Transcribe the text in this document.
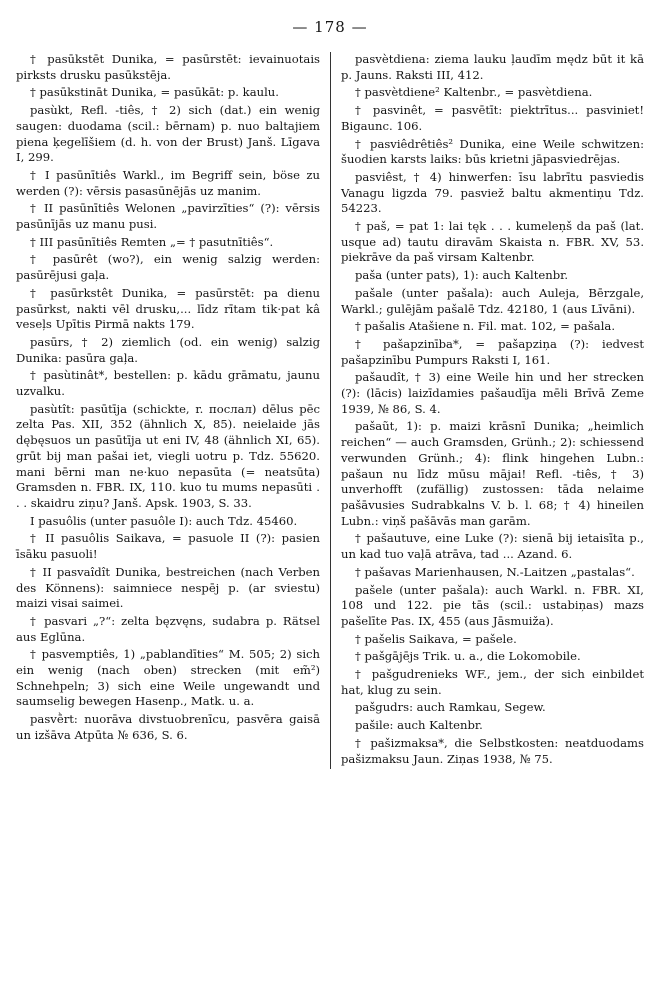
— 178 —

† pasūkstēt Dunika, = pasūrstēt: ievainuotais pirksts drusku pasūkstēja.

† pasūkstināt Dunika, = pasūkāt: p. kaulu.

pasùkt, Refl. -tiês, † 2) sich (dat.) ein wenig saugen: duodama (scil.: bērnam) p. nuo baltajiem piena ķegelīšiem (d. h. von der Brust) Janš. Līgava I, 299.

† I pasūnītiês Warkl., im Begriff sein, böse zu werden (?): vērsis pasasūnējās uz manim.

† II pasūnītiês Welonen „pavirzīties“ (?): vērsis pasūnījās uz manu pusi.

† III pasūnītiês Remten „= † pasutnītiês“.

† pasūrêt (wo?), ein wenig salzig werden: pasūrējusi gaļa.

† pasūrkstêt Dunika, = pasūrstēt: pa dienu pasūrkst, nakti vēl drusku,... līdz rītam tik·pat kâ veseļs Upītis Pirmā nakts 179.

pasūrs, † 2) ziemlich (od. ein wenig) salzig Dunika: pasūra gaļa.

† pasùtinât*, bestellen: p. kādu grāmatu, jaunu uzvalku.

pasùtît: pasūtīja (schickte, r. послал) dēlus pēc zelta Pas. XII, 352 (ähnlich X, 85). neielaide jās dębęsuos un pasūtīja ut eni IV, 48 (ähnlich XI, 65). grūt bij man pašai iet, viegli uotru p. Tdz. 55620. mani bērni man ne·kuo nepasūta (= neatsūta) Gramsden n. FBR. IX, 110. kuo tu mums nepasūti . . . skaidru ziņu? Janš. Apsk. 1903, S. 33.

I pasuôlis (unter pasuôle I): auch Tdz. 45460.

† II pasuôlis Saikava, = pasuole II (?): pasien īsāku pasuoli!

† II pasvaîdît Dunika, bestreichen (nach Verben des Könnens): saimniece nespēj p. (ar sviestu) maizi visai saimei.

† pasvari „?“: zelta bęzvęns, sudabra p. Rätsel aus Eglūna.

† pasvemptiês, 1) „pablandīties“ M. 505; 2) sich ein wenig (nach oben) strecken (mit em̃²) Schnehpeln; 3) sich eine Weile ungewandt und saumselig bewegen Hasenp., Matk. u. a.

pasvḕrt: nuorāva divstuobrenīcu, pasvēra gaisā un izšāva Atpūta № 636, S. 6.

pasvètdiena: ziema lauku ļaudīm mędz būt it kā p. Jauns. Raksti III, 412.

† pasvètdiene² Kaltenbr., = pasvètdiena.

† pasvinêt, = pasvētīt: piektrītus... pasviniet! Bigaunc. 106.

† pasviêdrêtiês² Dunika, eine Weile schwitzen: šuodien karsts laiks: būs krietni jāpasviedrējas.

pasviêst, † 4) hinwerfen: īsu labrītu pasviedis Vanagu ligzda 79. pasviež baltu akmentiņu Tdz. 54223.

† paš, = pat 1: lai tęk . . . kumeleņš da paš (lat. usque ad) tautu diravām Skaista n. FBR. XV, 53. piekrāve da paš virsam Kaltenbr.

paša (unter pats), 1): auch Kaltenbr.

pašale (unter pašala): auch Auleja, Bērzgale, Warkl.; gulējām pašalē Tdz. 42180, 1 (aus Līvāni).

† pašalis Atašiene n. Fil. mat. 102, = pašala.

† pašapzinība*, = pašapziņa (?): iedvest pašapzinību Pumpurs Raksti I, 161.

pašaudît, † 3) eine Weile hin und her strecken (?): (lācis) laizīdamies pašaudīja mēli Brīvā Zeme 1939, № 86, S. 4.

pašaũt, 1): p. maizi krāsnī Dunika; „heimlich reichen“ — auch Gramsden, Grünh.; 2): schiessend verwunden Grünh.; 4): flink hingehen Lubn.: pašaun nu līdz mūsu mājai! Refl. -tiês, † 3) unverhofft (zufällig) zustossen: tāda nelaime pašāvusies Sudrabkalns V. b. l. 68; † 4) hineilen Lubn.: viņš pašāvās man garām.

† pašautuve, eine Luke (?): sienā bij ietaisīta p., un kad tuo vaļā atrāva, tad ... Azand. 6.

† pašavas Marienhausen, N.-Laitzen „pastalas“.

pašele (unter pašala): auch Warkl. n. FBR. XI, 108 und 122. pie tās (scil.: ustabiņas) mazs pašelīte Pas. IX, 455 (aus Jāsmuiža).

† pašelis Saikava, = pašele.

† pašgājējs Trik. u. a., die Lokomobile.

† pašgudrenieks WF., jem., der sich einbildet hat, klug zu sein.

pašgudrs: auch Ramkau, Segew.

pašile: auch Kaltenbr.

† pašizmaksa*, die Selbstkosten: neatduodams pašizmaksu Jaun. Ziņas 1938, № 75.
